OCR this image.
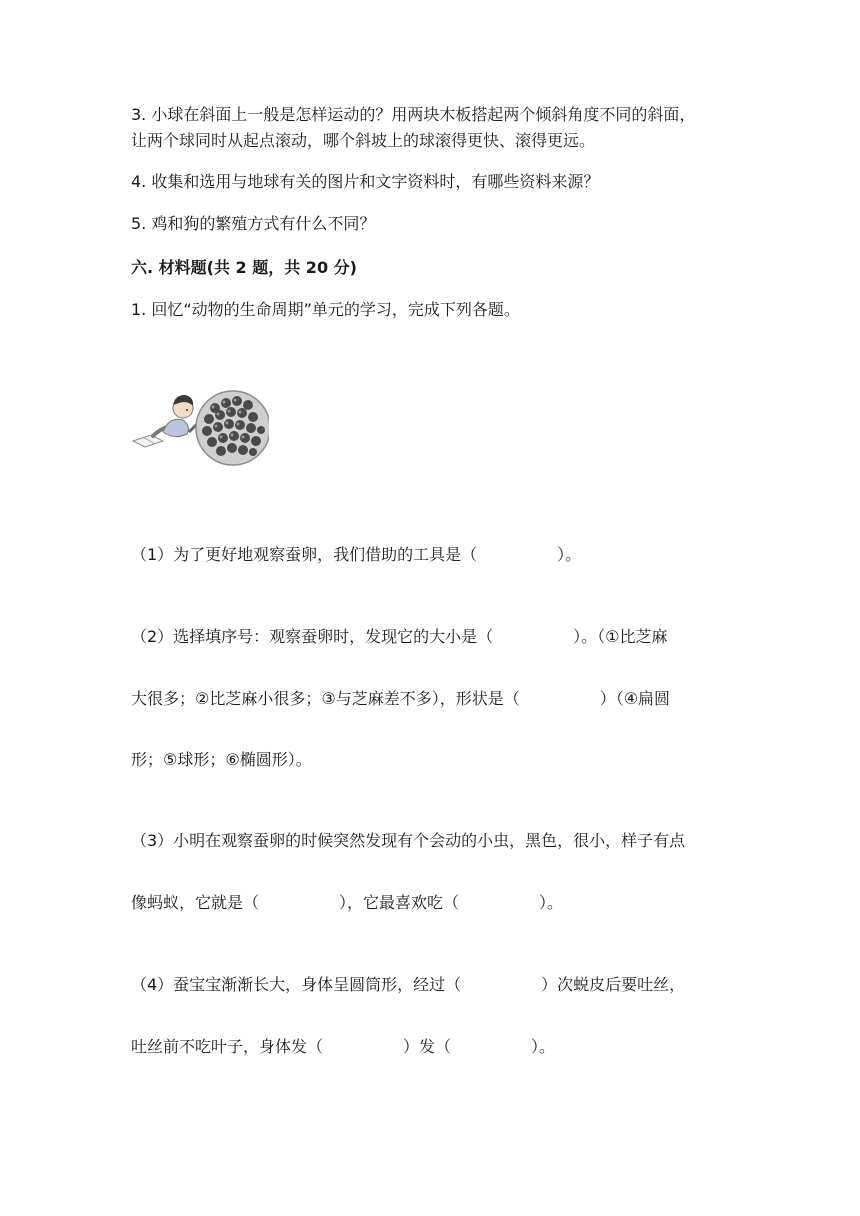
3. 小球在斜面上一般是怎样运动的？用两块木板搭起两个倾斜角度不同的斜面，
让两个球同时从起点滚动，哪个斜坡上的球滚得更快、滚得更远。
4. 收集和选用与地球有关的图片和文字资料时，有哪些资料来源？
5. 鸡和狗的繁殖方式有什么不同？
六. 材料题(共 2 题，共 20 分)
1. 回忆“动物的生命周期”单元的学习，完成下列各题。
（1）为了更好地观察蚕卵，我们借助的工具是（　　　　　）。
（2）选择填序号：观察蚕卵时，发现它的大小是（　　　　　）。（①比芝麻
大很多；②比芝麻小很多；③与芝麻差不多），形状是（　　　　　）（④扁圆
形；⑤球形；⑥椭圆形）。
（3）小明在观察蚕卵的时候突然发现有个会动的小虫，黑色，很小，样子有点
像蚂蚁，它就是（　　　　　），它最喜欢吃（　　　　　）。
（4）蚕宝宝渐渐长大，身体呈圆筒形，经过（　　　　　）次蜕皮后要吐丝，
吐丝前不吃叶子，身体发（　　　　　）发（　　　　　）。
